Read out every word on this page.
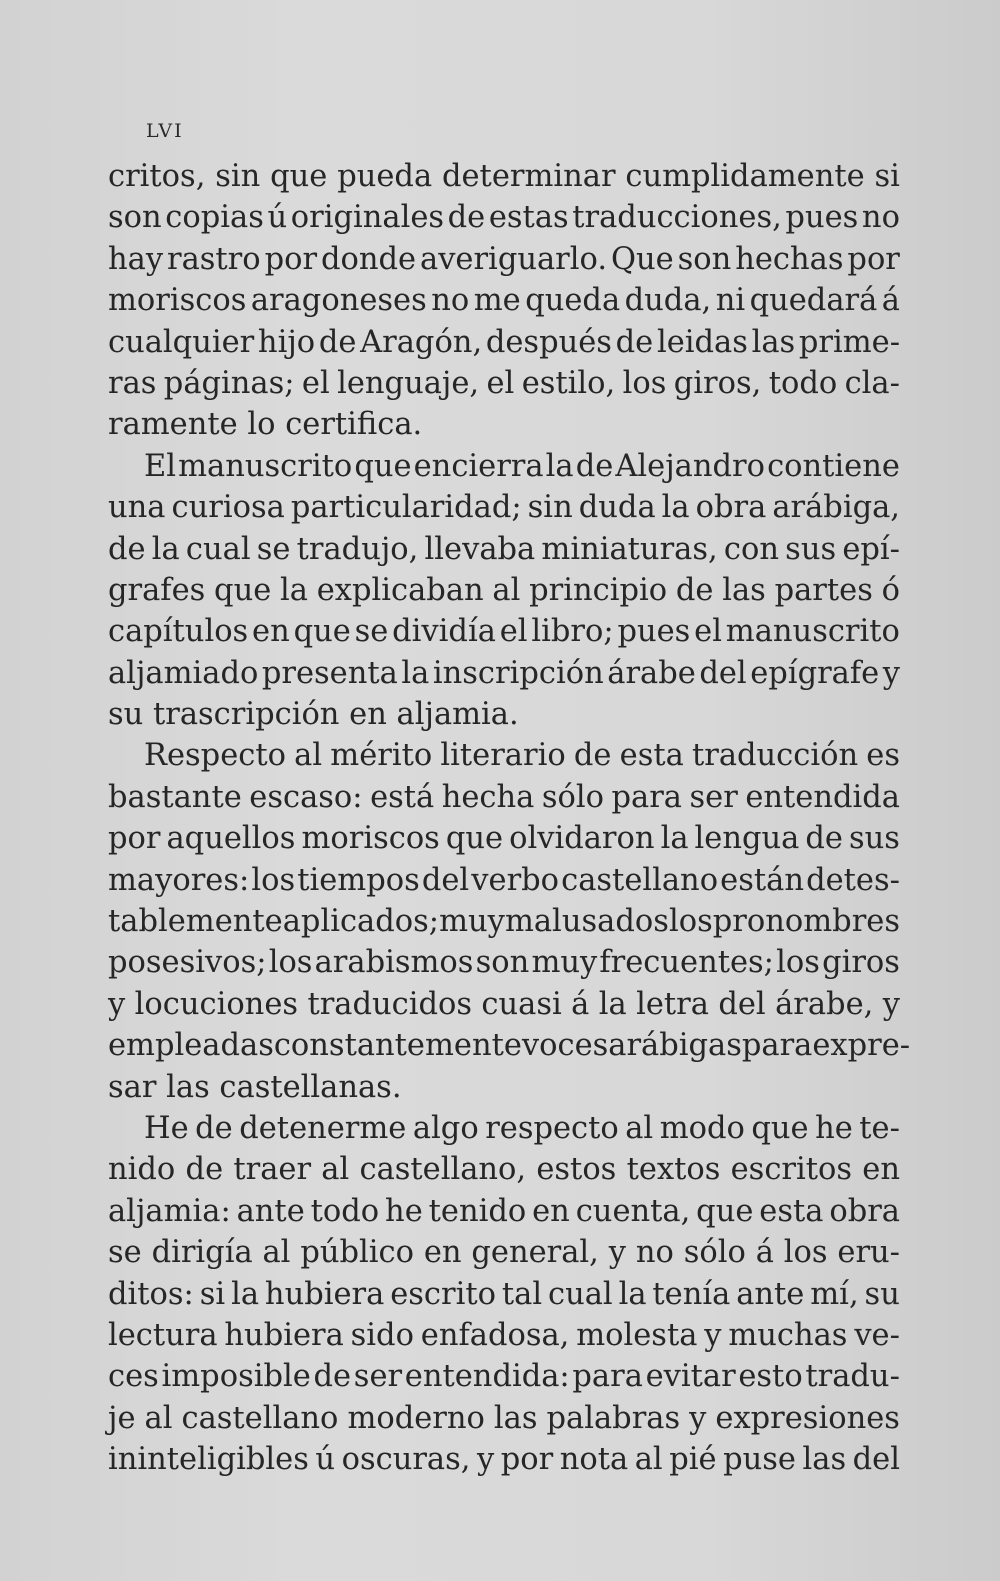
LVI
critos, sin que pueda determinar cumplidamente si
son copias ú originales de estas traducciones, pues no
hay rastro por donde averiguarlo. Que son hechas por
moriscos aragoneses no me queda duda, ni quedará á
cualquier hijo de Aragón, después de leidas las prime-
ras páginas; el lenguaje, el estilo, los giros, todo cla-
ramente lo certifica.
El manuscrito que encierra la de Alejandro contiene
una curiosa particularidad; sin duda la obra arábiga,
de la cual se tradujo, llevaba miniaturas, con sus epí-
grafes que la explicaban al principio de las partes ó
capítulos en que se dividía el libro; pues el manuscrito
aljamiado presenta la inscripción árabe del epígrafe y
su trascripción en aljamia.
Respecto al mérito literario de esta traducción es
bastante escaso: está hecha sólo para ser entendida
por aquellos moriscos que olvidaron la lengua de sus
mayores: los tiempos del verbo castellano están detes-
tablemente aplicados; muy mal usados los pronombres
posesivos; los arabismos son muy frecuentes; los giros
y locuciones traducidos cuasi á la letra del árabe, y
empleadas constantemente voces arábigas para expre-
sar las castellanas.
He de detenerme algo respecto al modo que he te-
nido de traer al castellano, estos textos escritos en
aljamia: ante todo he tenido en cuenta, que esta obra
se dirigía al público en general, y no sólo á los eru-
ditos: si la hubiera escrito tal cual la tenía ante mí, su
lectura hubiera sido enfadosa, molesta y muchas ve-
ces imposible de ser entendida: para evitar esto tradu-
je al castellano moderno las palabras y expresiones
ininteligibles ú oscuras, y por nota al pié puse las del
